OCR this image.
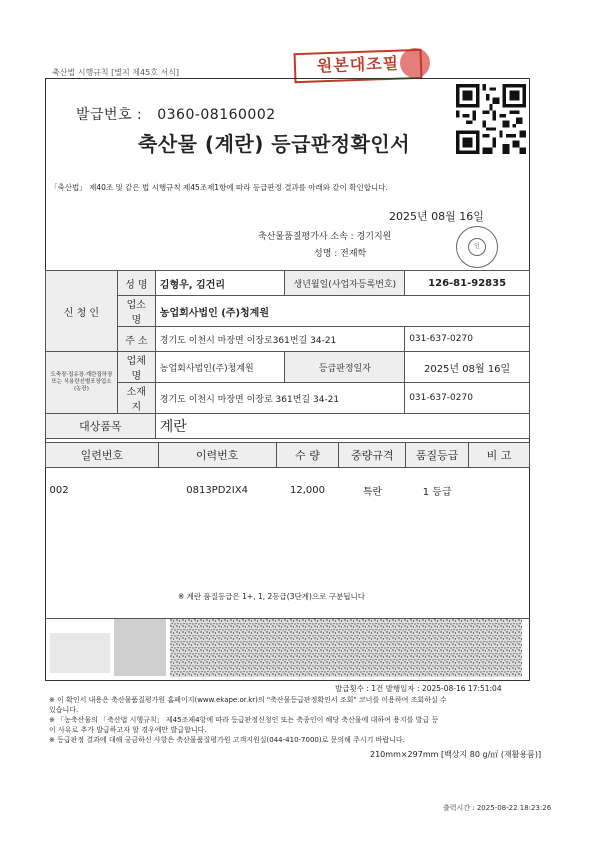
축산법 시행규칙 [별지 제45호 서식]	원본대조필
발급번호 : 0360-08160002
축산물 (계란) 등급판정확인서
「축산법」 제40조 및 같은 법 시행규칙 제45조제1항에 따라 등급판정 결과를 아래와 같이 확인합니다.
2025년 08월 16일
축산물품질평가사 소속 : 경기지원
성명 : 전재학
인
신 청 인	성 명	김형우, 김건리	생년월일(사업자등록번호)	126-81-92835
	업소명	농업회사법인 (주)청계원		
	주 소	경기도 이천시 마장면 이장로361번길 34-21		031-637-0270
도축장·집유장·계란집하장 또는 식용란선별포장업소(농장)	업체명	농업회사법인(주)청계원	등급판정일자	2025년 08월 16일
	소재지	경기도 이천시 마장면 이장로 361번길 34-21		031-637-0270
대상품목		계란		
일련번호	이력번호	수 량	중량규격	품질등급	비 고
002	0813PD2IX4	12,000	특란	1 등급	
※ 계란 품질등급은 1+, 1, 2등급(3단계)으로 구분됩니다
발급횟수 : 1건 발행일자 : 2025-08-16 17:51:04
※ 이 확인서 내용은 축산물품질평가원 홈페이지(www.ekape.or.kr)의 "축산물등급판정확인서 조회" 코너를 이용하여 조회하실 수
있습니다.
※ 「농축산물의 「축산법 시행규칙」 제45조제4항에 따라 등급판정신청인 또는 축종인이 해당 축산물에 대하여 용지를 발급 등
이 사유로 추가 발급하고자 할 경우에만 발급합니다.
※ 등급판정 결과에 대해 궁금하신 사항은 축산물품질평가원 고객지원실(044-410-7000)로 문의해 주시기 바랍니다.
210mm×297mm [백상지 80 g/㎡ (재활용품)]
출력시간 : 2025-08-22 18:23:26
